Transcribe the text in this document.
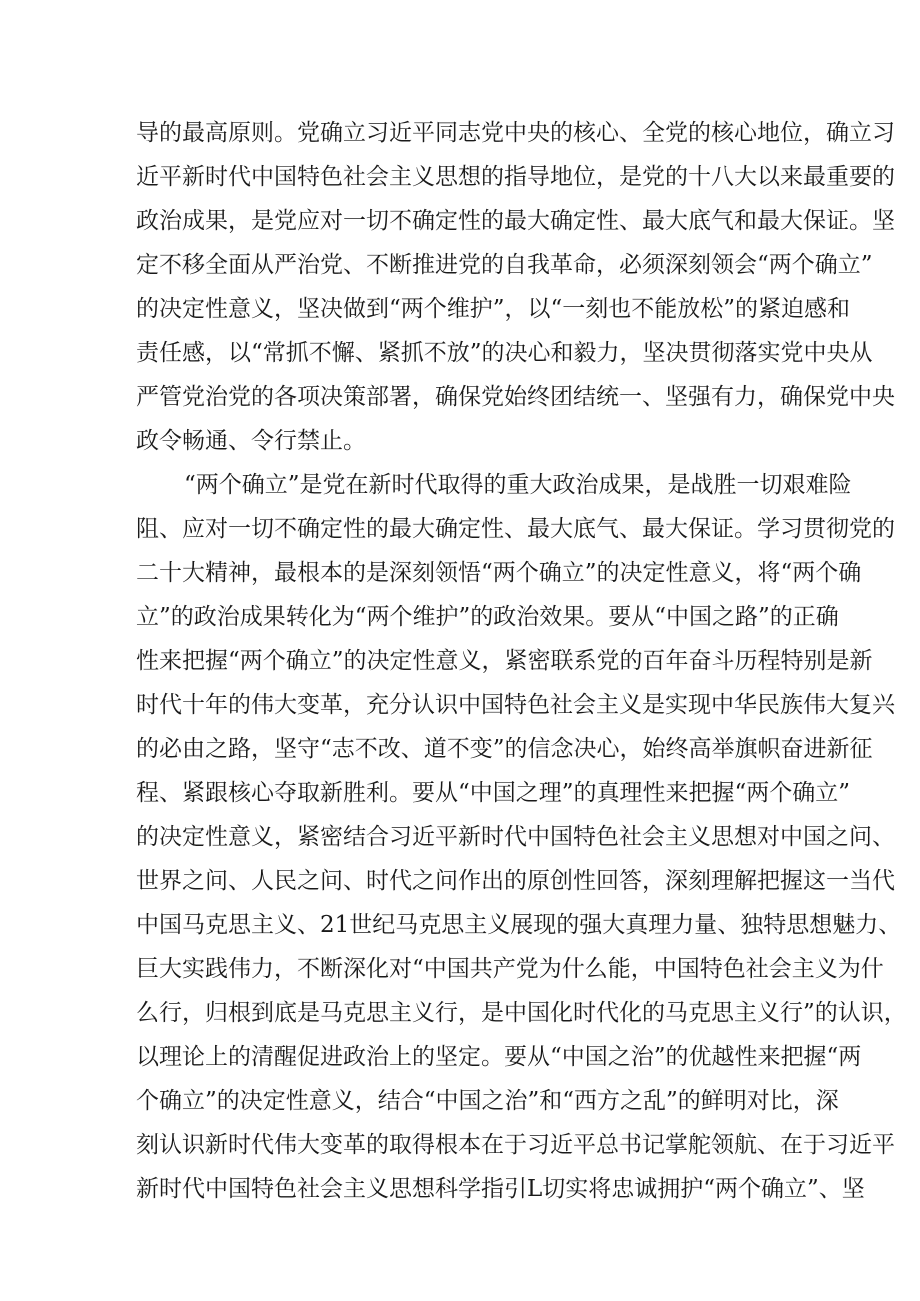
导的最高原则。党确立习近平同志党中央的核心、全党的核心地位，确立习
近平新时代中国特色社会主义思想的指导地位，是党的十八大以来最重要的
政治成果，是党应对一切不确定性的最大确定性、最大底气和最大保证。坚
定不移全面从严治党、不断推进党的自我革命，必须深刻领会“两个确立”
的决定性意义，坚决做到“两个维护”，以“一刻也不能放松”的紧迫感和
责任感，以“常抓不懈、紧抓不放”的决心和毅力，坚决贯彻落实党中央从
严管党治党的各项决策部署，确保党始终团结统一、坚强有力，确保党中央
政令畅通、令行禁止。
“两个确立”是党在新时代取得的重大政治成果，是战胜一切艰难险
阻、应对一切不确定性的最大确定性、最大底气、最大保证。学习贯彻党的
二十大精神，最根本的是深刻领悟“两个确立”的决定性意义，将“两个确
立”的政治成果转化为“两个维护”的政治效果。要从“中国之路”的正确
性来把握“两个确立”的决定性意义，紧密联系党的百年奋斗历程特别是新
时代十年的伟大变革，充分认识中国特色社会主义是实现中华民族伟大复兴
的必由之路，坚守“志不改、道不变”的信念决心，始终高举旗帜奋进新征
程、紧跟核心夺取新胜利。要从“中国之理”的真理性来把握“两个确立”
的决定性意义，紧密结合习近平新时代中国特色社会主义思想对中国之问、
世界之问、人民之问、时代之问作出的原创性回答，深刻理解把握这一当代
中国马克思主义、21世纪马克思主义展现的强大真理力量、独特思想魅力、
巨大实践伟力，不断深化对“中国共产党为什么能，中国特色社会主义为什
么行，归根到底是马克思主义行，是中国化时代化的马克思主义行”的认识，
以理论上的清醒促进政治上的坚定。要从“中国之治”的优越性来把握“两
个确立”的决定性意义，结合“中国之治”和“西方之乱”的鲜明对比，深
刻认识新时代伟大变革的取得根本在于习近平总书记掌舵领航、在于习近平
新时代中国特色社会主义思想科学指引L切实将忠诚拥护“两个确立”、坚
